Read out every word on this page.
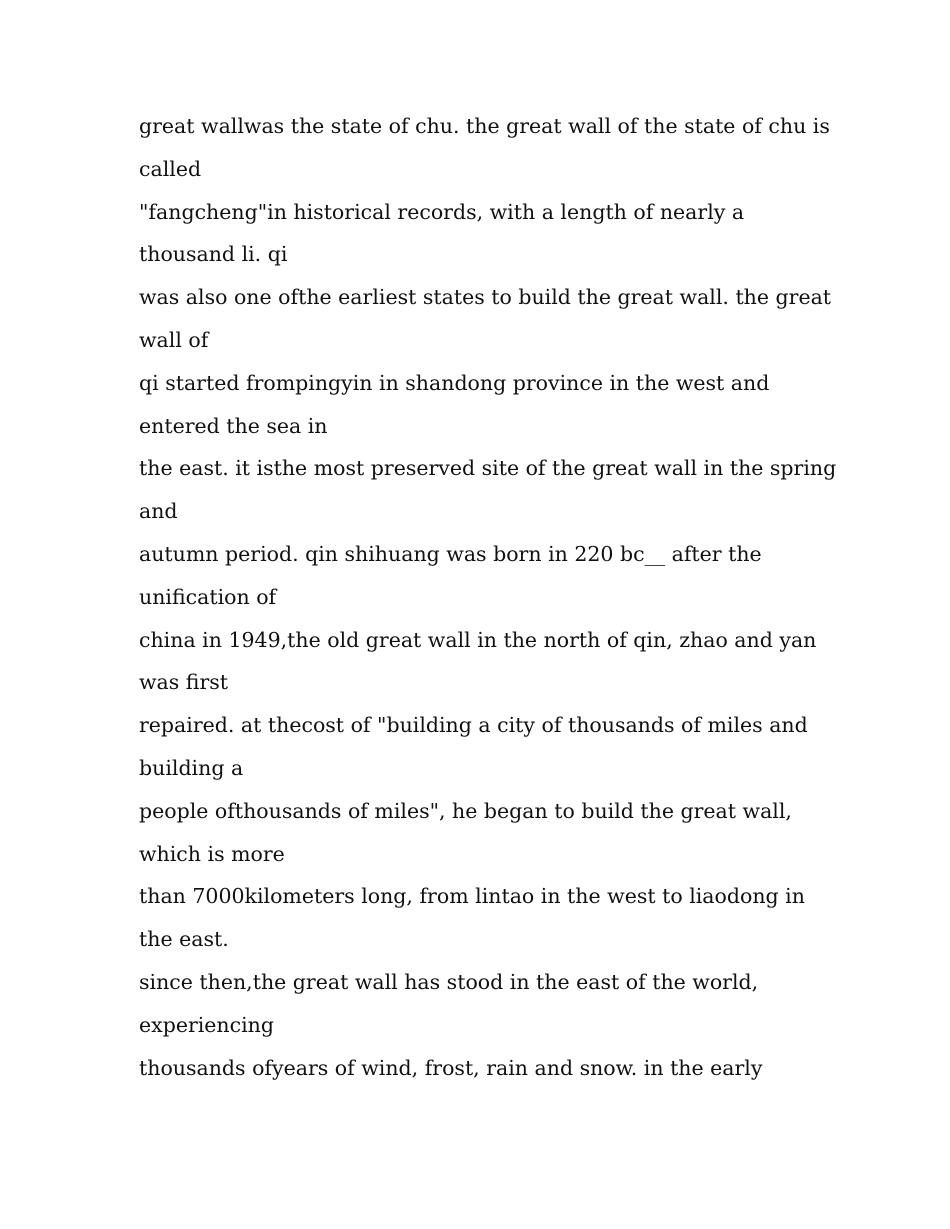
great wallwas the state of chu. the great wall of the state of chu is
called
"fangcheng"in historical records, with a length of nearly a
thousand li. qi
was also one ofthe earliest states to build the great wall. the great
wall of
qi started frompingyin in shandong province in the west and
entered the sea in
the east. it isthe most preserved site of the great wall in the spring
and
autumn period. qin shihuang was born in 220 bc__ after the
unification of
china in 1949,the old great wall in the north of qin, zhao and yan
was first
repaired. at thecost of "building a city of thousands of miles and
building a
people ofthousands of miles", he began to build the great wall,
which is more
than 7000kilometers long, from lintao in the west to liaodong in
the east.
since then,the great wall has stood in the east of the world,
experiencing
thousands ofyears of wind, frost, rain and snow. in the early
